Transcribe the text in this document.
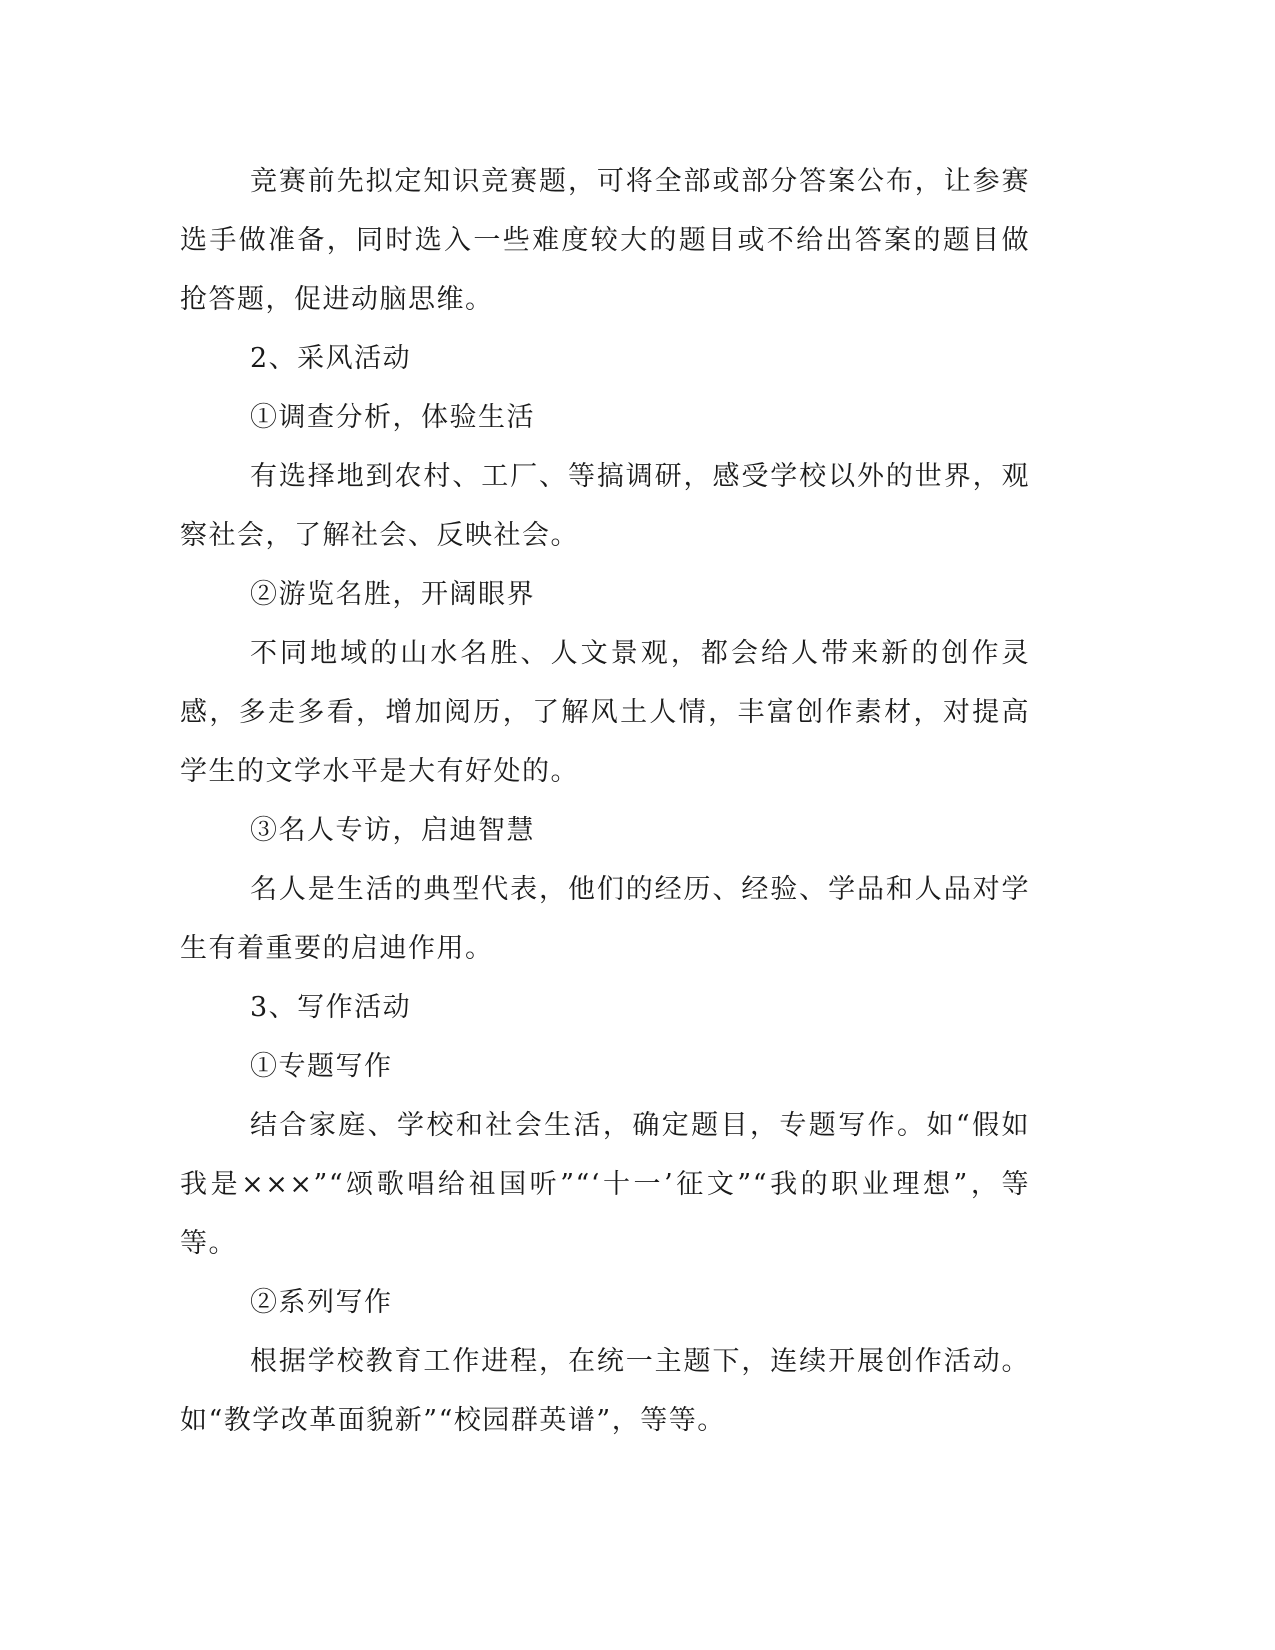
竞赛前先拟定知识竞赛题，可将全部或部分答案公布，让参赛选手做准备，同时选入一些难度较大的题目或不给出答案的题目做抢答题，促进动脑思维。

2、采风活动

①调查分析，体验生活

有选择地到农村、工厂、等搞调研，感受学校以外的世界，观察社会，了解社会、反映社会。

②游览名胜，开阔眼界

不同地域的山水名胜、人文景观，都会给人带来新的创作灵感，多走多看，增加阅历，了解风土人情，丰富创作素材，对提高学生的文学水平是大有好处的。

③名人专访，启迪智慧

名人是生活的典型代表，他们的经历、经验、学品和人品对学生有着重要的启迪作用。

3、写作活动

①专题写作

结合家庭、学校和社会生活，确定题目，专题写作。如“假如我是×××”“颂歌唱给祖国听”“‘十一’征文”“我的职业理想”，等等。

②系列写作

根据学校教育工作进程，在统一主题下，连续开展创作活动。如“教学改革面貌新”“校园群英谱”，等等。
